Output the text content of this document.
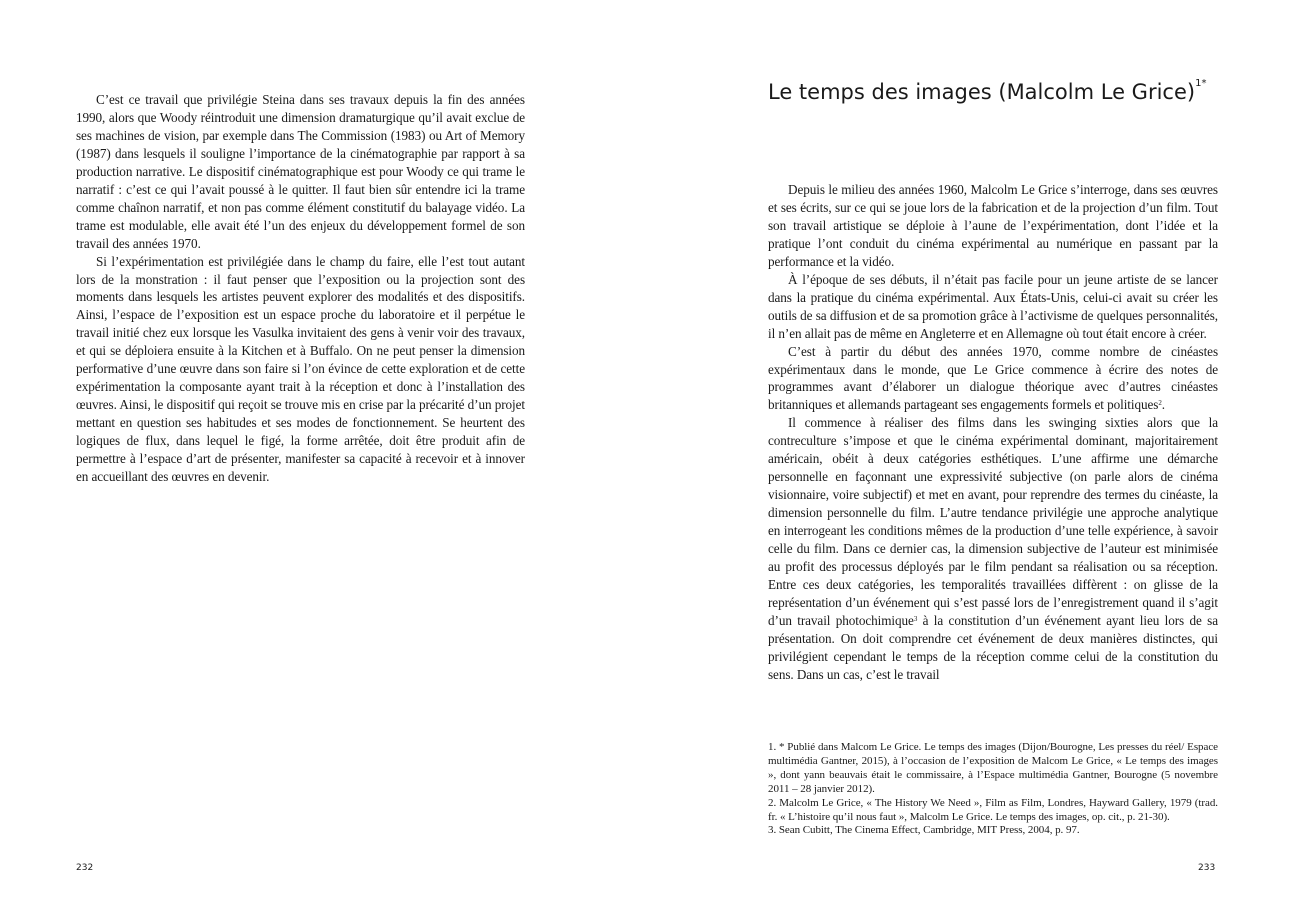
C’est ce travail que privilégie Steina dans ses travaux depuis la fin des années 1990, alors que Woody réintroduit une dimension dramaturgique qu’il avait exclue de ses machines de vision, par exemple dans The Commission (1983) ou Art of Memory (1987) dans lesquels il souligne l’importance de la cinématographie par rapport à sa production narrative. Le dispositif cinématographique est pour Woody ce qui trame le narratif : c’est ce qui l’avait poussé à le quitter. Il faut bien sûr entendre ici la trame comme chaînon narratif, et non pas comme élément constitutif du balayage vidéo. La trame est modulable, elle avait été l’un des enjeux du développement formel de son travail des années 1970.

Si l’expérimentation est privilégiée dans le champ du faire, elle l’est tout autant lors de la monstration : il faut penser que l’exposition ou la projection sont des moments dans lesquels les artistes peuvent explorer des modalités et des dispositifs. Ainsi, l’espace de l’exposition est un espace proche du laboratoire et il perpétue le travail initié chez eux lorsque les Vasulka invitaient des gens à venir voir des travaux, et qui se déploiera ensuite à la Kitchen et à Buffalo. On ne peut penser la dimension performative d’une œuvre dans son faire si l’on évince de cette exploration et de cette expérimentation la composante ayant trait à la réception et donc à l’installation des œuvres. Ainsi, le dispositif qui reçoit se trouve mis en crise par la précarité d’un projet mettant en question ses habitudes et ses modes de fonctionnement. Se heurtent des logiques de flux, dans lequel le figé, la forme arrêtée, doit être produit afin de permettre à l’espace d’art de présenter, manifester sa capacité à recevoir et à innover en accueillant des œuvres en devenir.

232
Le temps des images (Malcolm Le Grice)$^{1*}$

Depuis le milieu des années 1960, Malcolm Le Grice s’interroge, dans ses œuvres et ses écrits, sur ce qui se joue lors de la fabrication et de la projection d’un film. Tout son travail artistique se déploie à l’aune de l’expérimentation, dont l’idée et la pratique l’ont conduit du cinéma expérimental au numérique en passant par la performance et la vidéo.

À l’époque de ses débuts, il n’était pas facile pour un jeune artiste de se lancer dans la pratique du cinéma expérimental. Aux États-Unis, celui-ci avait su créer les outils de sa diffusion et de sa promotion grâce à l’activisme de quelques personnalités, il n’en allait pas de même en Angleterre et en Allemagne où tout était encore à créer.

C’est à partir du début des années 1970, comme nombre de cinéastes expérimentaux dans le monde, que Le Grice commence à écrire des notes de programmes avant d’élaborer un dialogue théorique avec d’autres cinéastes britanniques et allemands partageant ses engagements formels et politiques$^2$.

Il commence à réaliser des films dans les swinging sixties alors que la contreculture s’impose et que le cinéma expérimental dominant, majoritairement américain, obéit à deux catégories esthétiques. L’une affirme une démarche personnelle en façonnant une expressivité subjective (on parle alors de cinéma visionnaire, voire subjectif) et met en avant, pour reprendre des termes du cinéaste, la dimension personnelle du film. L’autre tendance privilégie une approche analytique en interrogeant les conditions mêmes de la production d’une telle expérience, à savoir celle du film. Dans ce dernier cas, la dimension subjective de l’auteur est minimisée au profit des processus déployés par le film pendant sa réalisation ou sa réception. Entre ces deux catégories, les temporalités travaillées diffèrent : on glisse de la représentation d’un événement qui s’est passé lors de l’enregistrement quand il s’agit d’un travail photochimique$^3$ à la constitution d’un événement ayant lieu lors de sa présentation. On doit comprendre cet événement de deux manières distinctes, qui privilégient cependant le temps de la réception comme celui de la constitution du sens. Dans un cas, c’est le travail

1. * Publié dans Malcom Le Grice. Le temps des images (Dijon/Bourogne, Les presses du réel/ Espace multimédia Gantner, 2015), à l’occasion de l’exposition de Malcom Le Grice, « Le temps des images », dont yann beauvais était le commissaire, à l’Espace multimédia Gantner, Bourogne (5 novembre 2011 – 28 janvier 2012).

2. Malcolm Le Grice, « The History We Need », Film as Film, Londres, Hayward Gallery, 1979 (trad. fr. « L’histoire qu’il nous faut », Malcolm Le Grice. Le temps des images, op. cit., p. 21-30).

3. Sean Cubitt, The Cinema Effect, Cambridge, MIT Press, 2004, p. 97.

233
